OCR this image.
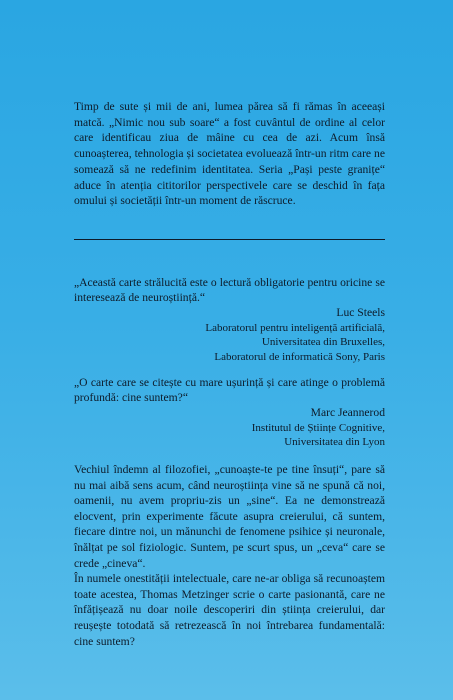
Timp de sute și mii de ani, lumea părea să fi rămas în aceeași matcă. „Nimic nou sub soare“ a fost cuvântul de ordine al celor care identificau ziua de mâine cu cea de azi. Acum însă cunoașterea, tehnologia și societatea evoluează într-un ritm care ne somează să ne redefinim identitatea. Seria „Pași peste granițe“ aduce în atenția cititorilor perspectivele care se deschid în fața omului și societății într-un moment de răscruce.

„Această carte strălucită este o lectură obligatorie pentru oricine se interesează de neuroștiință.“

Luc Steels

Laboratorul pentru inteligență artificială,

Universitatea din Bruxelles,

Laboratorul de informatică Sony, Paris

„O carte care se citește cu mare ușurință și care atinge o problemă profundă: cine suntem?“

Marc Jeannerod

Institutul de Științe Cognitive,

Universitatea din Lyon

Vechiul îndemn al filozofiei, „cunoaște-te pe tine însuți“, pare să nu mai aibă sens acum, când neuroștiința vine să ne spună că noi, oamenii, nu avem propriu-zis un „sine“. Ea ne demonstrează elocvent, prin experimente făcute asupra creierului, că suntem, fiecare dintre noi, un mănunchi de fenomene psihice și neuronale, înălțat pe sol fiziologic. Suntem, pe scurt spus, un „ceva“ care se crede „cineva“.

În numele onestității intelectuale, care ne-ar obliga să recunoaștem toate acestea, Thomas Metzinger scrie o carte pasionantă, care ne înfățișează nu doar noile descoperiri din știința creierului, dar reușește totodată să retrezească în noi întrebarea fundamentală: cine suntem?
